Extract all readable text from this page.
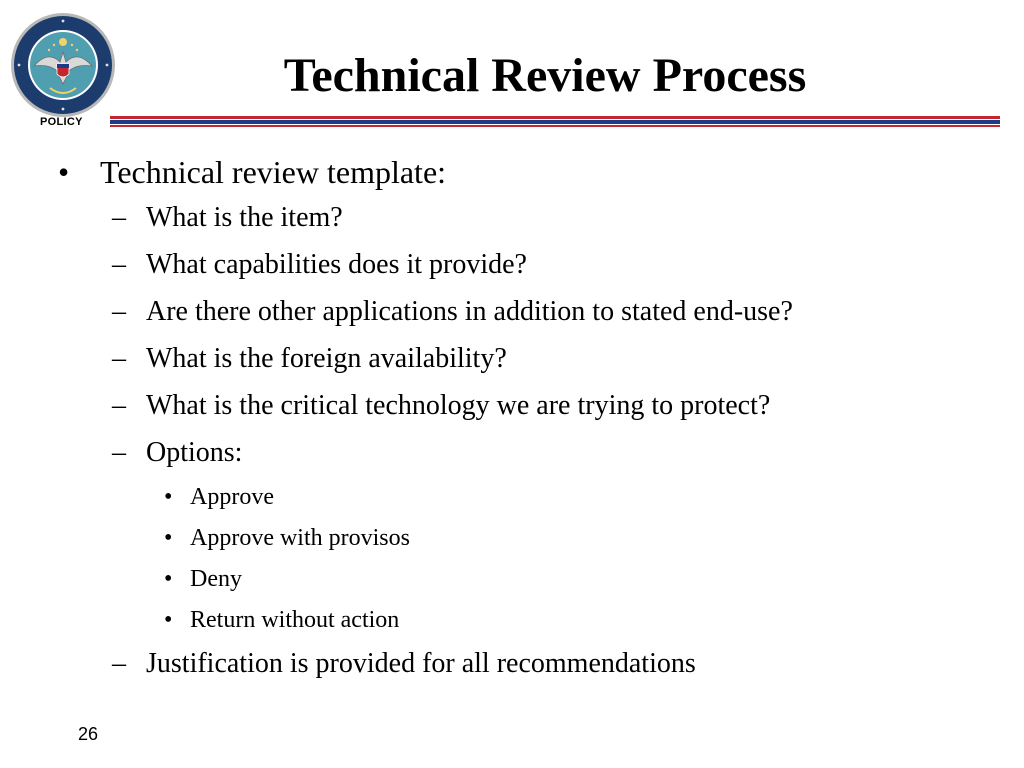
POLICY
Technical Review Process
• Technical review template:
– What is the item?
– What capabilities does it provide?
– Are there other applications in addition to stated end-use?
– What is the foreign availability?
– What is the critical technology we are trying to protect?
– Options:
• Approve
• Approve with provisos
• Deny
• Return without action
– Justification is provided for all recommendations
26
